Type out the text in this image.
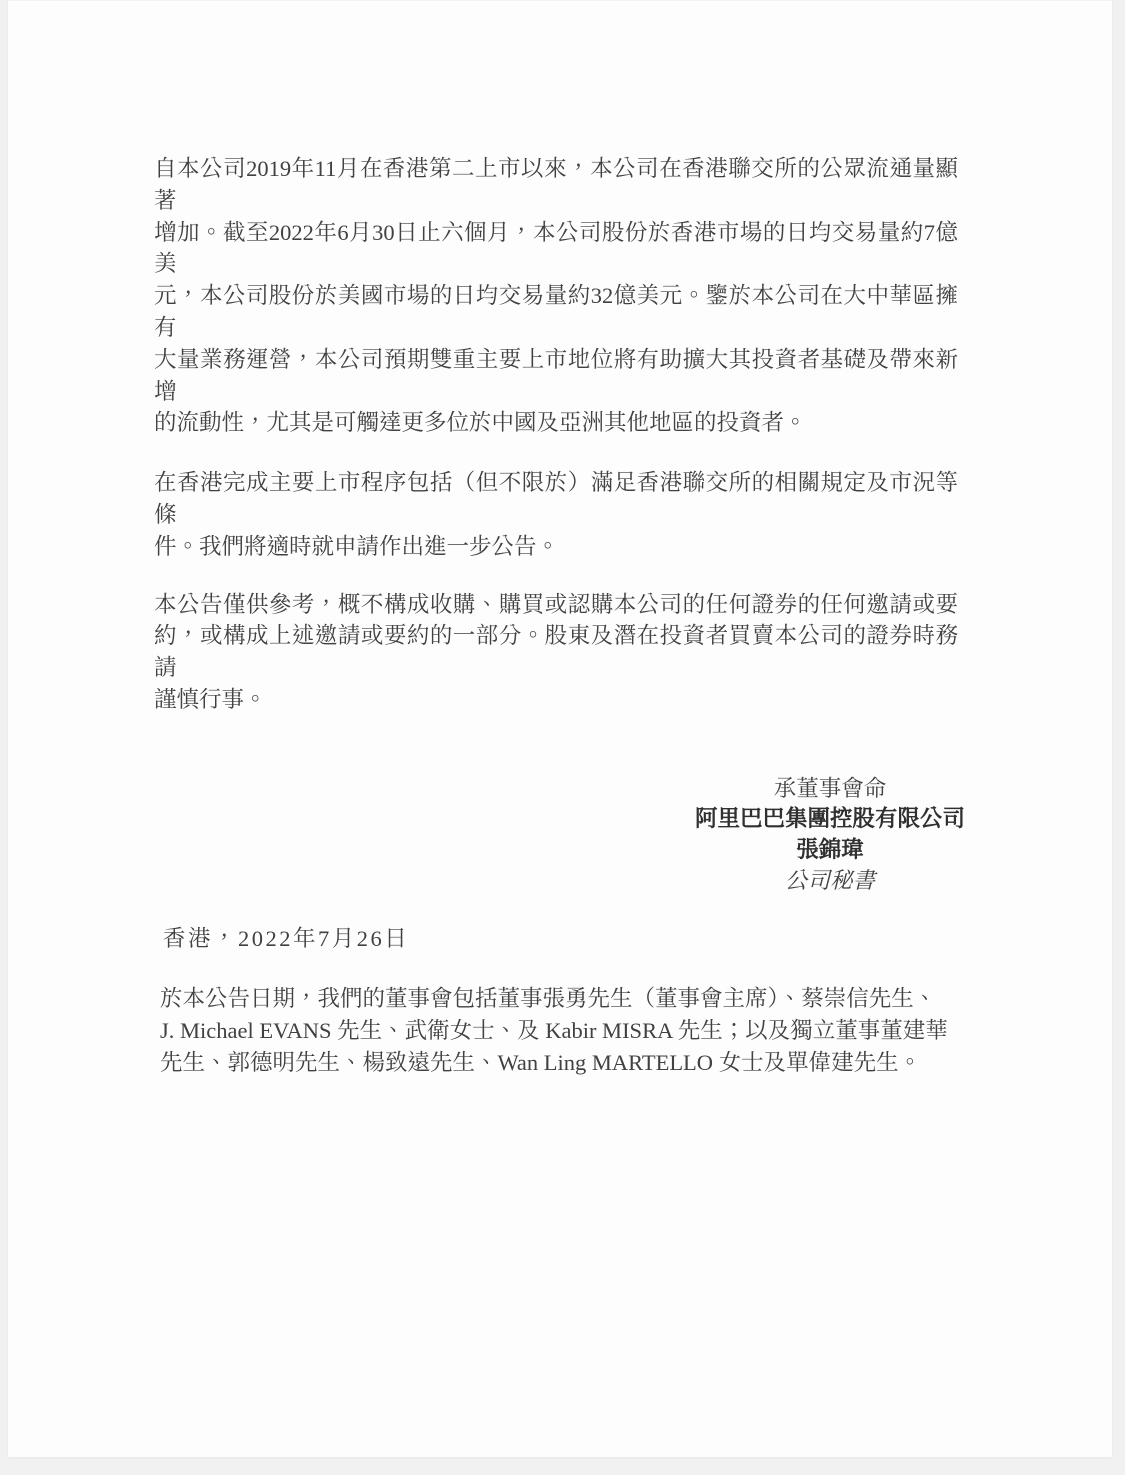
自本公司2019年11月在香港第二上市以來，本公司在香港聯交所的公眾流通量顯著
增加。截至2022年6月30日止六個月，本公司股份於香港市場的日均交易量約7億美
元，本公司股份於美國市場的日均交易量約32億美元。鑒於本公司在大中華區擁有
大量業務運營，本公司預期雙重主要上市地位將有助擴大其投資者基礎及帶來新增
的流動性，尤其是可觸達更多位於中國及亞洲其他地區的投資者。
在香港完成主要上市程序包括（但不限於）滿足香港聯交所的相關規定及市況等條
件。我們將適時就申請作出進一步公告。
本公告僅供參考，概不構成收購、購買或認購本公司的任何證券的任何邀請或要
約，或構成上述邀請或要約的一部分。股東及潛在投資者買賣本公司的證券時務請
謹慎行事。
承董事會命
阿里巴巴集團控股有限公司
張錦瑋
公司秘書
香港，2022年7月26日
於本公告日期，我們的董事會包括董事張勇先生（董事會主席）、蔡崇信先生、
J. Michael EVANS 先生、武衛女士、及 Kabir MISRA 先生；以及獨立董事董建華
先生、郭德明先生、楊致遠先生、Wan Ling MARTELLO 女士及單偉建先生。
